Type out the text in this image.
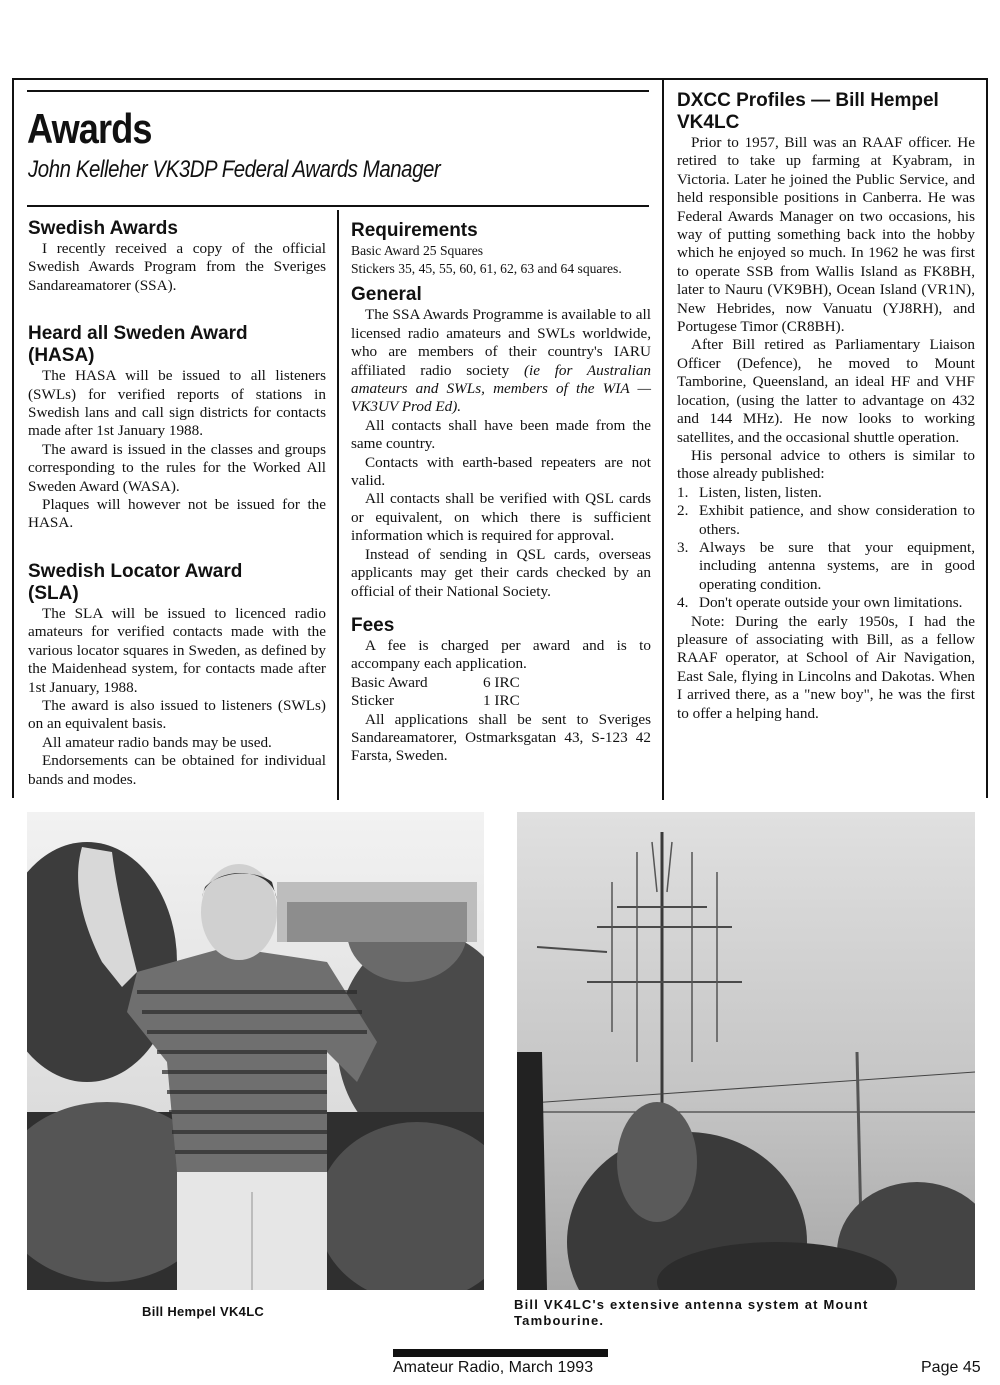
Awards
John Kelleher VK3DP Federal Awards Manager
Swedish Awards

I recently received a copy of the official Swedish Awards Program from the Sveriges Sandareamatorer (SSA).

Heard all Sweden Award
(HASA)

The HASA will be issued to all listeners (SWLs) for verified reports of stations in Swedish lans and call sign districts for contacts made after 1st January 1988.

The award is issued in the classes and groups corresponding to the rules for the Worked All Sweden Award (WASA).

Plaques will however not be issued for the HASA.

Swedish Locator Award
(SLA)

The SLA will be issued to licenced radio amateurs for verified contacts made with the various locator squares in Sweden, as defined by the Maidenhead system, for contacts made after 1st January, 1988.

The award is also issued to listeners (SWLs) on an equivalent basis.

All amateur radio bands may be used.

Endorsements can be obtained for individual bands and modes.

Requirements

Basic Award 25 Squares

Stickers 35, 45, 55, 60, 61, 62, 63 and 64 squares.

General

The SSA Awards Programme is available to all licensed radio amateurs and SWLs worldwide, who are members of their country's IARU affiliated radio society (ie for Australian amateurs and SWLs, members of the WIA — VK3UV Prod Ed).

All contacts shall have been made from the same country.

Contacts with earth-based repeaters are not valid.

All contacts shall be verified with QSL cards or equivalent, on which there is sufficient information which is required for approval.

Instead of sending in QSL cards, overseas applicants may get their cards checked by an official of their National Society.

Fees

A fee is charged per award and is to accompany each application.

Basic Award	6 IRC
Sticker	1 IRC

All applications shall be sent to Sveriges Sandareamatorer, Ostmarksgatan 43, S-123 42 Farsta, Sweden.

DXCC Profiles — Bill Hempel
VK4LC

Prior to 1957, Bill was an RAAF officer. He retired to take up farming at Kyabram, in Victoria. Later he joined the Public Service, and held responsible positions in Canberra. He was Federal Awards Manager on two occasions, his way of putting something back into the hobby which he enjoyed so much. In 1962 he was first to operate SSB from Wallis Island as FK8BH, later to Nauru (VK9BH), Ocean Island (VR1N), New Hebrides, now Vanuatu (YJ8RH), and Portugese Timor (CR8BH).

After Bill retired as Parliamentary Liaison Officer (Defence), he moved to Mount Tamborine, Queensland, an ideal HF and VHF location, (using the latter to advantage on 432 and 144 MHz). He now looks to working satellites, and the occasional shuttle operation.

His personal advice to others is similar to those already published:

1. Listen, listen, listen.
2. Exhibit patience, and show consideration to others.
3. Always be sure that your equipment, including antenna systems, are in good operating condition.
4. Don't operate outside your own limitations.

Note: During the early 1950s, I had the pleasure of associating with Bill, as a fellow RAAF operator, at School of Air Navigation, East Sale, flying in Lincolns and Dakotas. When I arrived there, as a "new boy", he was the first to offer a helping hand.

Bill Hempel VK4LC	Bill VK4LC's extensive antenna system at Mount
Tambourine.
Amateur Radio, March 1993	Page 45
